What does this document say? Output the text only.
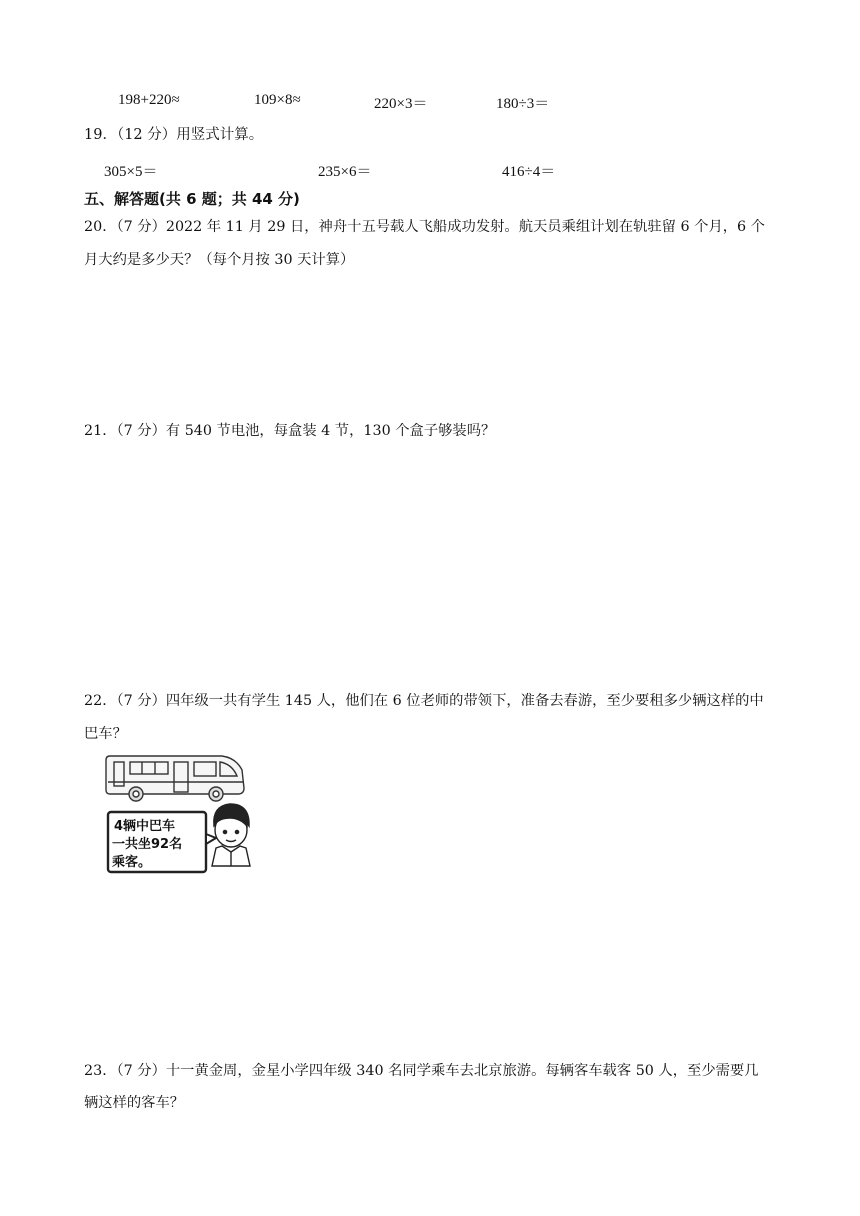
198+220≈	109×8≈	220×3＝	180÷3＝
19．（12 分）用竖式计算。
305×5＝	235×6＝	416÷4＝
五、解答题(共 6 题；共 44 分)
20．（7 分）2022 年 11 月 29 日，神舟十五号载人飞船成功发射。航天员乘组计划在轨驻留 6 个月，6 个
月大约是多少天？（每个月按 30 天计算）
21．（7 分）有 540 节电池，每盒装 4 节，130 个盒子够装吗？
22．（7 分）四年级一共有学生 145 人，他们在 6 位老师的带领下，准备去春游，至少要租多少辆这样的中
巴车？
4辆中巴车
一共坐92名
乘客。
23．（7 分）十一黄金周，金星小学四年级 340 名同学乘车去北京旅游。每辆客车载客 50 人，至少需要几
辆这样的客车？
